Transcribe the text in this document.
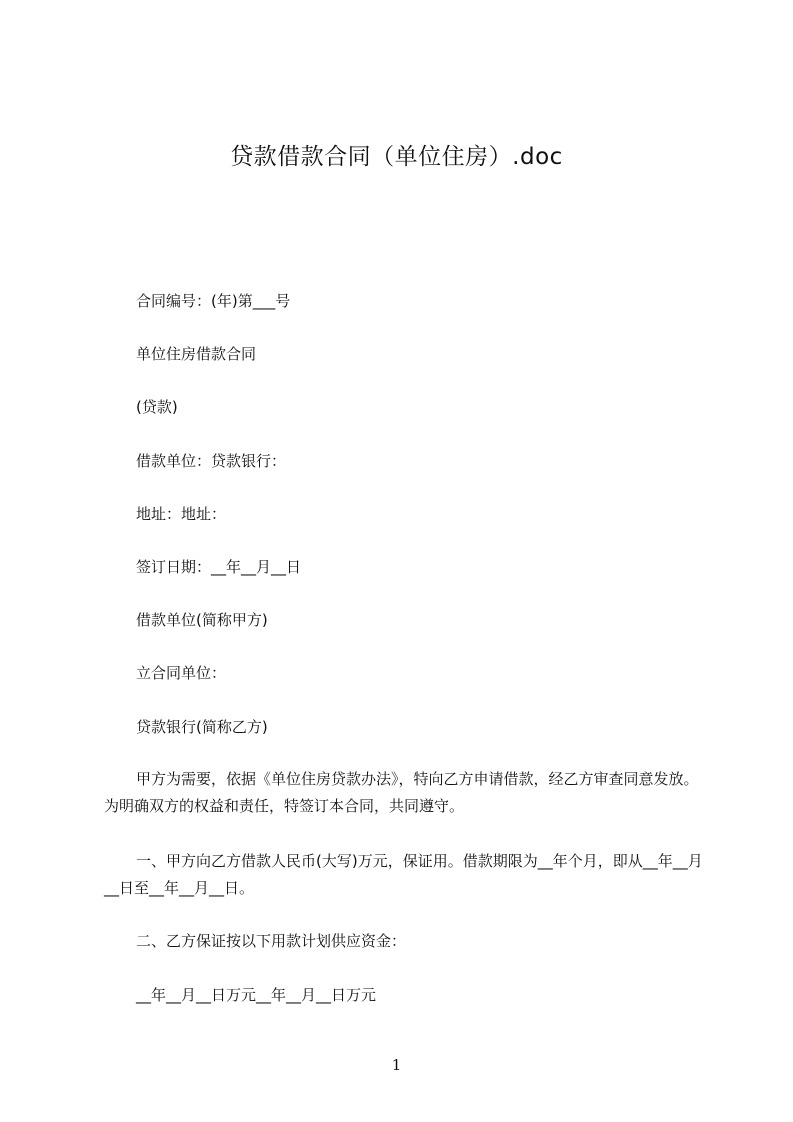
贷款借款合同（单位住房）.doc
合同编号：(年)第___号
单位住房借款合同
(贷款)
借款单位：贷款银行：
地址：地址：
签订日期：__年__月__日
借款单位(简称甲方)
立合同单位：
贷款银行(简称乙方)
甲方为需要，依据《单位住房贷款办法》，特向乙方申请借款，经乙方审查同意发放。为明确双方的权益和责任，特签订本合同，共同遵守。
一、甲方向乙方借款人民币(大写)万元，保证用。借款期限为__年个月，即从__年__月__日至__年__月__日。
二、乙方保证按以下用款计划供应资金：
__年__月__日万元__年__月__日万元
1
